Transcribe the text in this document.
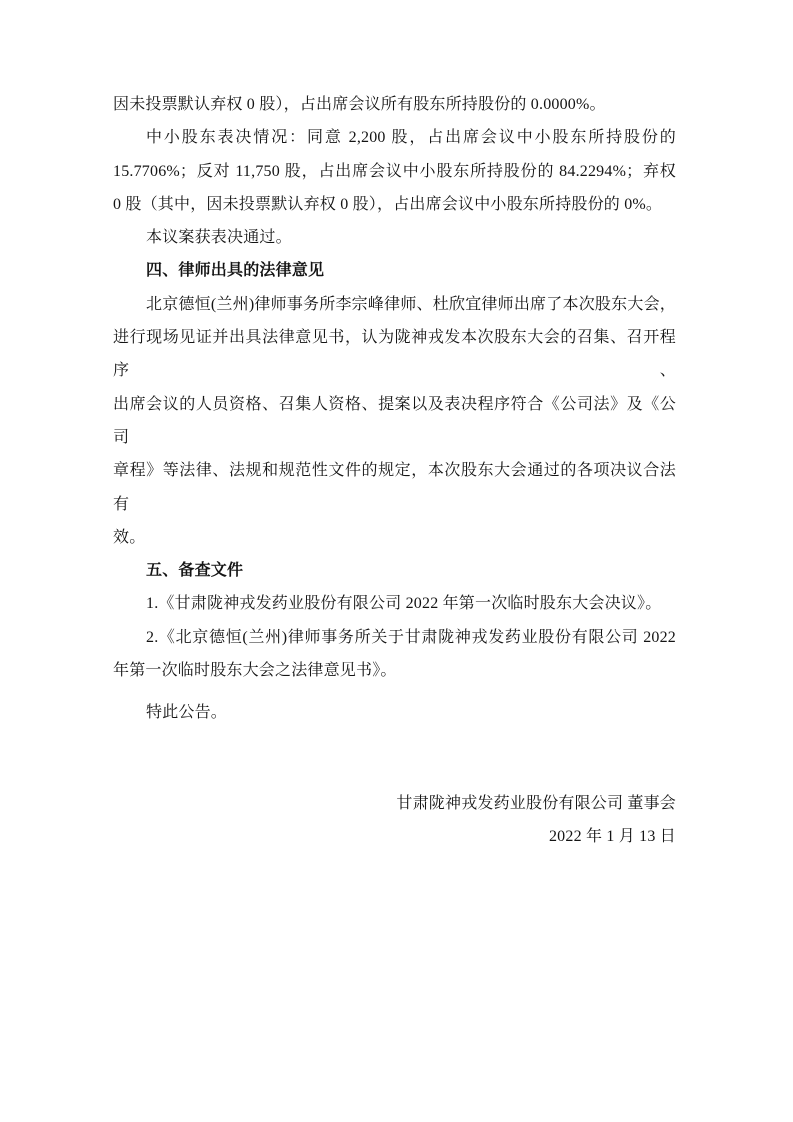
因未投票默认弃权 0 股），占出席会议所有股东所持股份的 0.0000%。
中小股东表决情况：同意 2,200 股，占出席会议中小股东所持股份的
15.7706%；反对 11,750 股，占出席会议中小股东所持股份的 84.2294%；弃权
0 股（其中，因未投票默认弃权 0 股），占出席会议中小股东所持股份的 0%。
本议案获表决通过。
四、律师出具的法律意见
北京德恒(兰州)律师事务所李宗峰律师、杜欣宜律师出席了本次股东大会，
进行现场见证并出具法律意见书，认为陇神戎发本次股东大会的召集、召开程序、
出席会议的人员资格、召集人资格、提案以及表决程序符合《公司法》及《公司
章程》等法律、法规和规范性文件的规定，本次股东大会通过的各项决议合法有
效。
五、备查文件
1.《甘肃陇神戎发药业股份有限公司 2022 年第一次临时股东大会决议》。
2.《北京德恒(兰州)律师事务所关于甘肃陇神戎发药业股份有限公司 2022
年第一次临时股东大会之法律意见书》。
特此公告。
甘肃陇神戎发药业股份有限公司 董事会
2022 年 1 月 13 日
